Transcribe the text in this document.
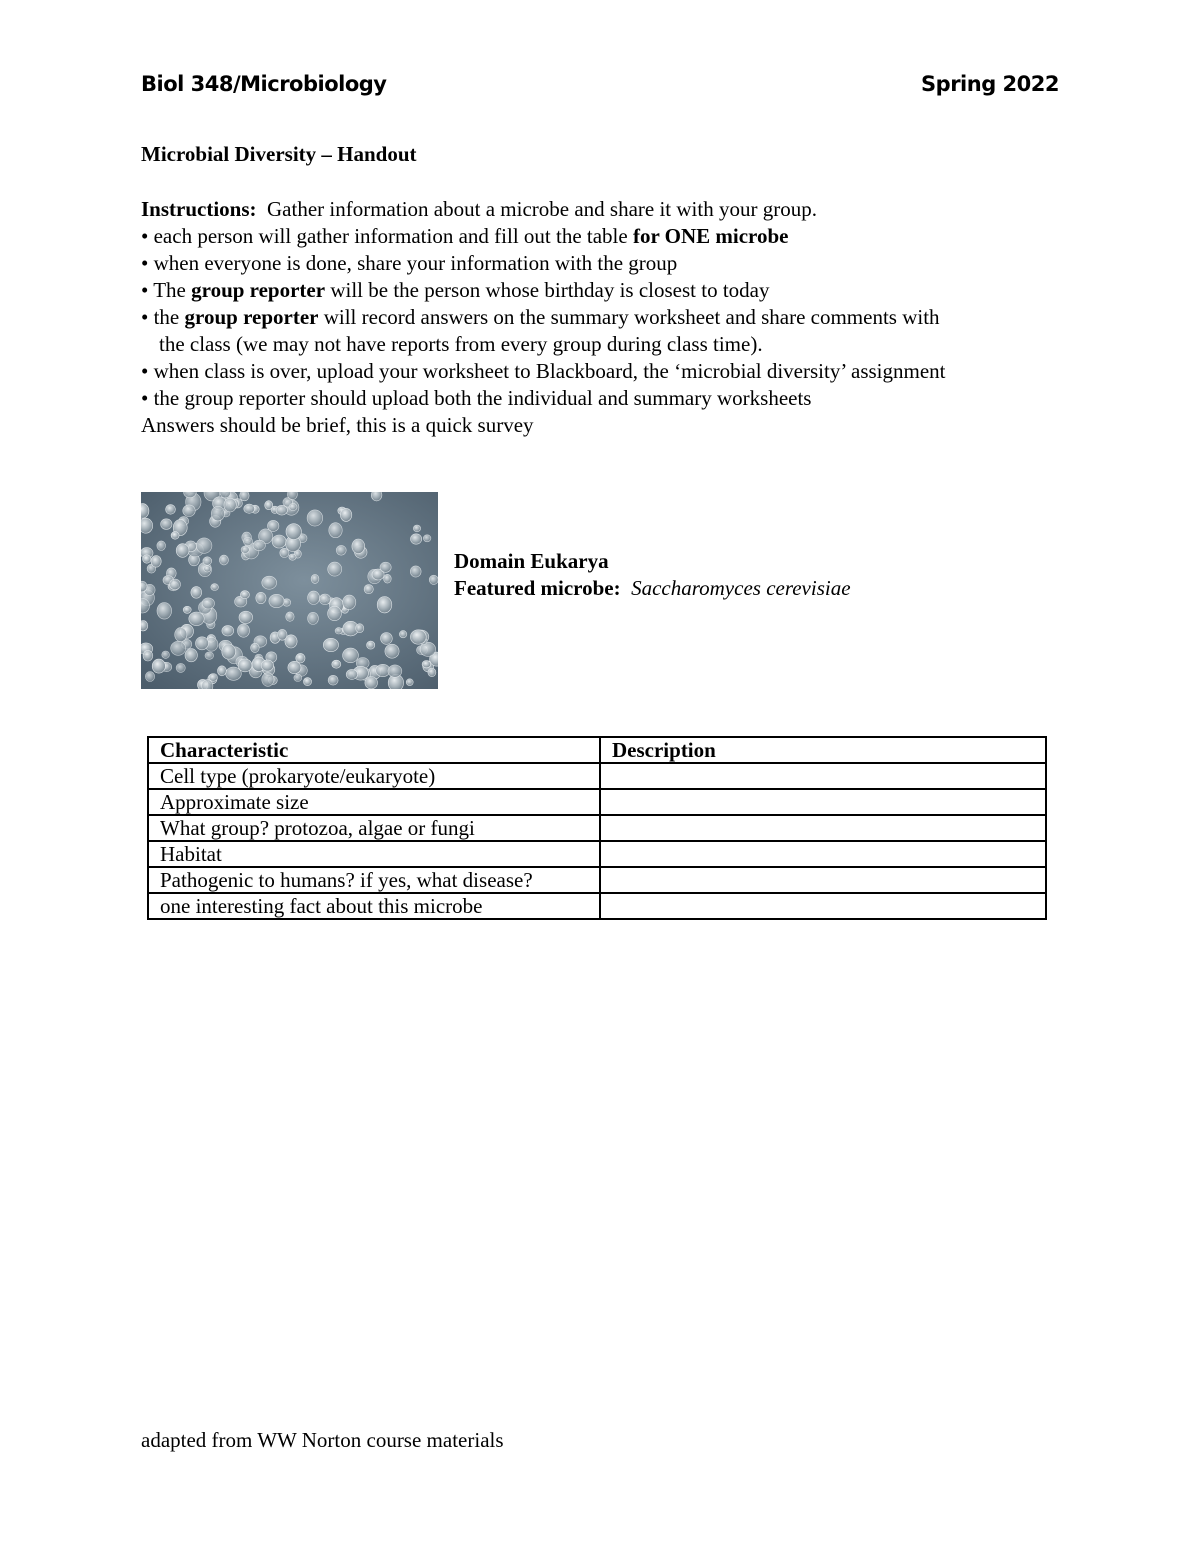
Biol 348/Microbiology	Spring 2022
Microbial Diversity – Handout

Instructions: Gather information about a microbe and share it with your group.

• each person will gather information and fill out the table for ONE microbe

• when everyone is done, share your information with the group

• The group reporter will be the person whose birthday is closest to today

• the group reporter will record answers on the summary worksheet and share comments with

the class (we may not have reports from every group during class time).

• when class is over, upload your worksheet to Blackboard, the ‘microbial diversity’ assignment

• the group reporter should upload both the individual and summary worksheets

Answers should be brief, this is a quick survey

Domain Eukarya

Featured microbe: Saccharomyces cerevisiae

Characteristic	Description
Cell type (prokaryote/eukaryote)	
Approximate size	
What group? protozoa, algae or fungi	
Habitat	
Pathogenic to humans? if yes, what disease?	
one interesting fact about this microbe	
adapted from WW Norton course materials
